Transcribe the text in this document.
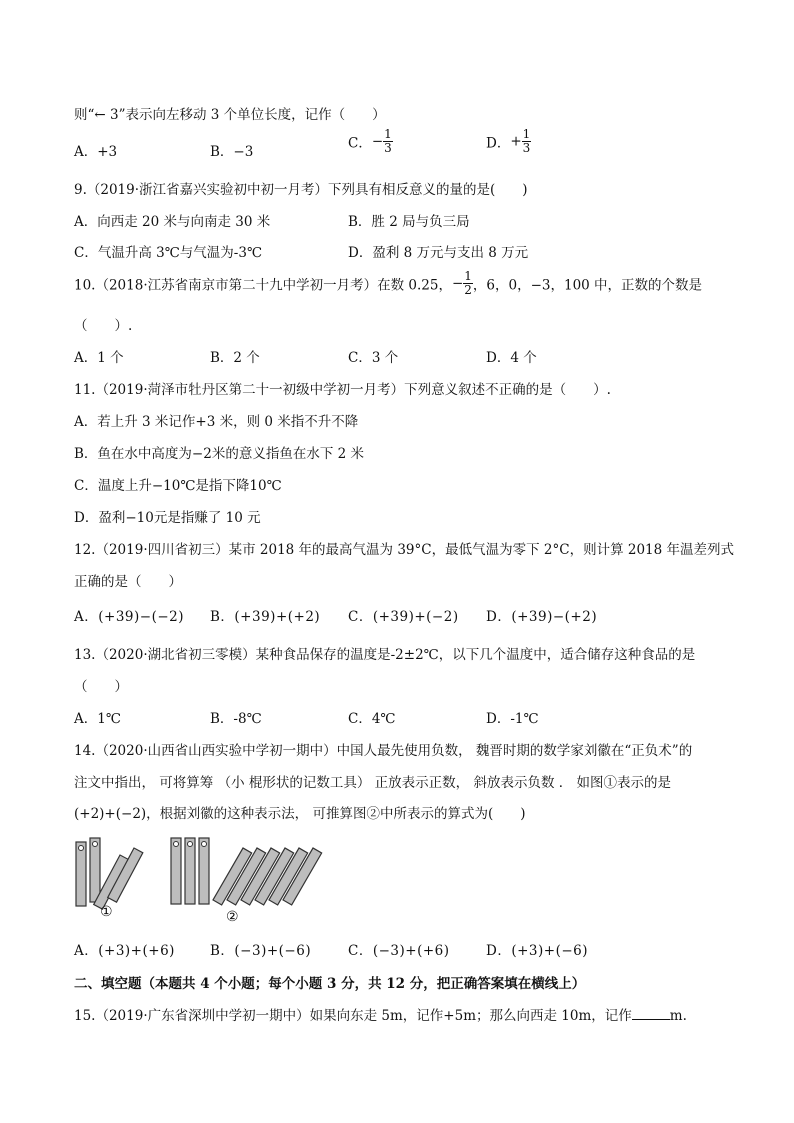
则“← 3”表示向左移动 3 个单位长度，记作（　　）
A．+3	B．−3
C．− $\frac{1}{3}$	D．+ $\frac{1}{3}$
9.（2019·浙江省嘉兴实验初中初一月考）下列具有相反意义的量的是(　　)
A．向西走 20 米与向南走 30 米	B．胜 2 局与负三局
C．气温升高 3℃与气温为-3℃	D．盈利 8 万元与支出 8 万元
10.（2018·江苏省南京市第二十九中学初一月考）在数 0.25，− $\frac{1}{2}$ ，6，0，−3，100 中，正数的个数是
（　　）.
A．1 个	B．2 个	C．3 个	D．4 个
11.（2019·菏泽市牡丹区第二十一初级中学初一月考）下列意义叙述不正确的是（　　）.
A．若上升 3 米记作+3 米，则 0 米指不升不降
B．鱼在水中高度为−2米的意义指鱼在水下 2 米
C．温度上升−10℃是指下降10℃
D．盈利−10元是指赚了 10 元
12.（2019·四川省初三）某市 2018 年的最高气温为 39°C，最低气温为零下 2°C，则计算 2018 年温差列式
正确的是（　　）
A．(+39)−(−2) B．(+39)+(+2) C．(+39)+(−2) D．(+39)−(+2)
13.（2020·湖北省初三零模）某种食品保存的温度是-2±2℃，以下几个温度中，适合储存这种食品的是
（　　）
A．1℃	B．-8℃	C．4℃	D．-1℃
14.（2020·山西省山西实验中学初一期中）中国人最先使用负数， 魏晋时期的数学家刘徽在“正负术”的
注文中指出， 可将算筹 （小 棍形状的记数工具） 正放表示正数， 斜放表示负数 ． 如图①表示的是
(+2)+(−2)，根据刘徽的这种表示法， 可推算图②中所表示的算式为(　　)
①	②
A．(+3)+(+6)	B．(−3)+(−6)	C．(−3)+(+6)	D．(+3)+(−6)
二、填空题（本题共 4 个小题；每个小题 3 分，共 12 分，把正确答案填在横线上）
15.（2019·广东省深圳中学初一期中）如果向东走 5m，记作+5m；那么向西走 10m，记作	m.
